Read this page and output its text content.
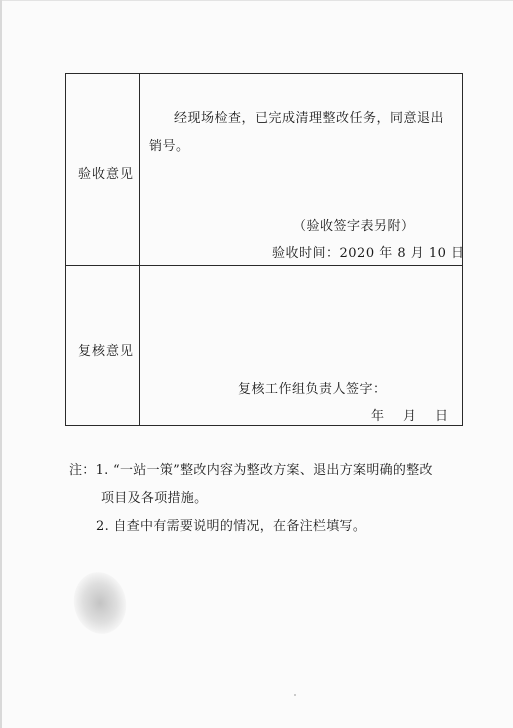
验收意见
经现场检查，已完成清理整改任务，同意退出
销号。
（验收签字表另附）
验收时间：2020 年 8 月 10 日
复核意见
复核工作组负责人签字：
年    月    日
注：1. “一站一策”整改内容为整改方案、退出方案明确的整改
项目及各项措施。
2. 自查中有需要说明的情况，在备注栏填写。
